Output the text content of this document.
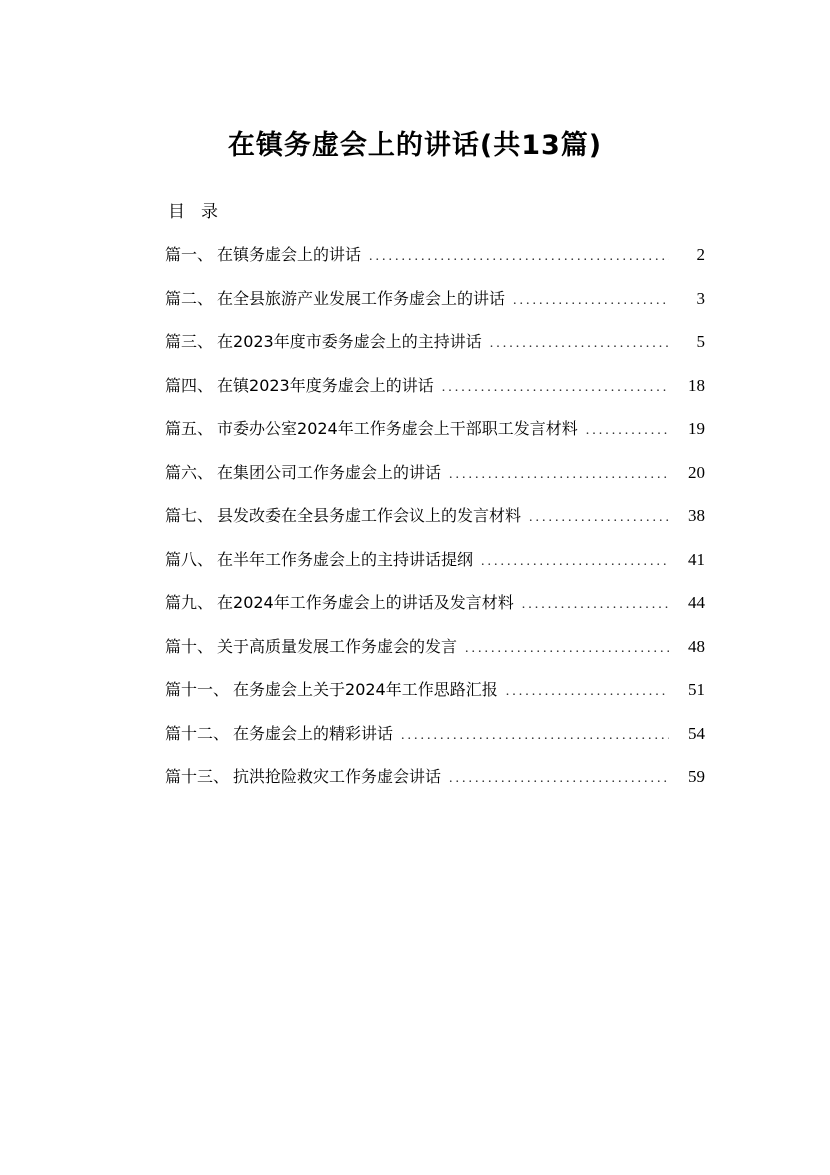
在镇务虚会上的讲话(共13篇)
目录
篇一、 在镇务虚会上的讲话 .....	2
篇二、 在全县旅游产业发展工作务虚会上的讲话 .....	3
篇三、 在2023年度市委务虚会上的主持讲话 .....	5
篇四、 在镇2023年度务虚会上的讲话 .....	18
篇五、 市委办公室2024年工作务虚会上干部职工发言材料 .....	19
篇六、 在集团公司工作务虚会上的讲话 .....	20
篇七、 县发改委在全县务虚工作会议上的发言材料 .....	38
篇八、 在半年工作务虚会上的主持讲话提纲 .....	41
篇九、 在2024年工作务虚会上的讲话及发言材料 .....	44
篇十、 关于高质量发展工作务虚会的发言 .....	48
篇十一、 在务虚会上关于2024年工作思路汇报 .....	51
篇十二、 在务虚会上的精彩讲话 .....	54
篇十三、 抗洪抢险救灾工作务虚会讲话 .....	59
